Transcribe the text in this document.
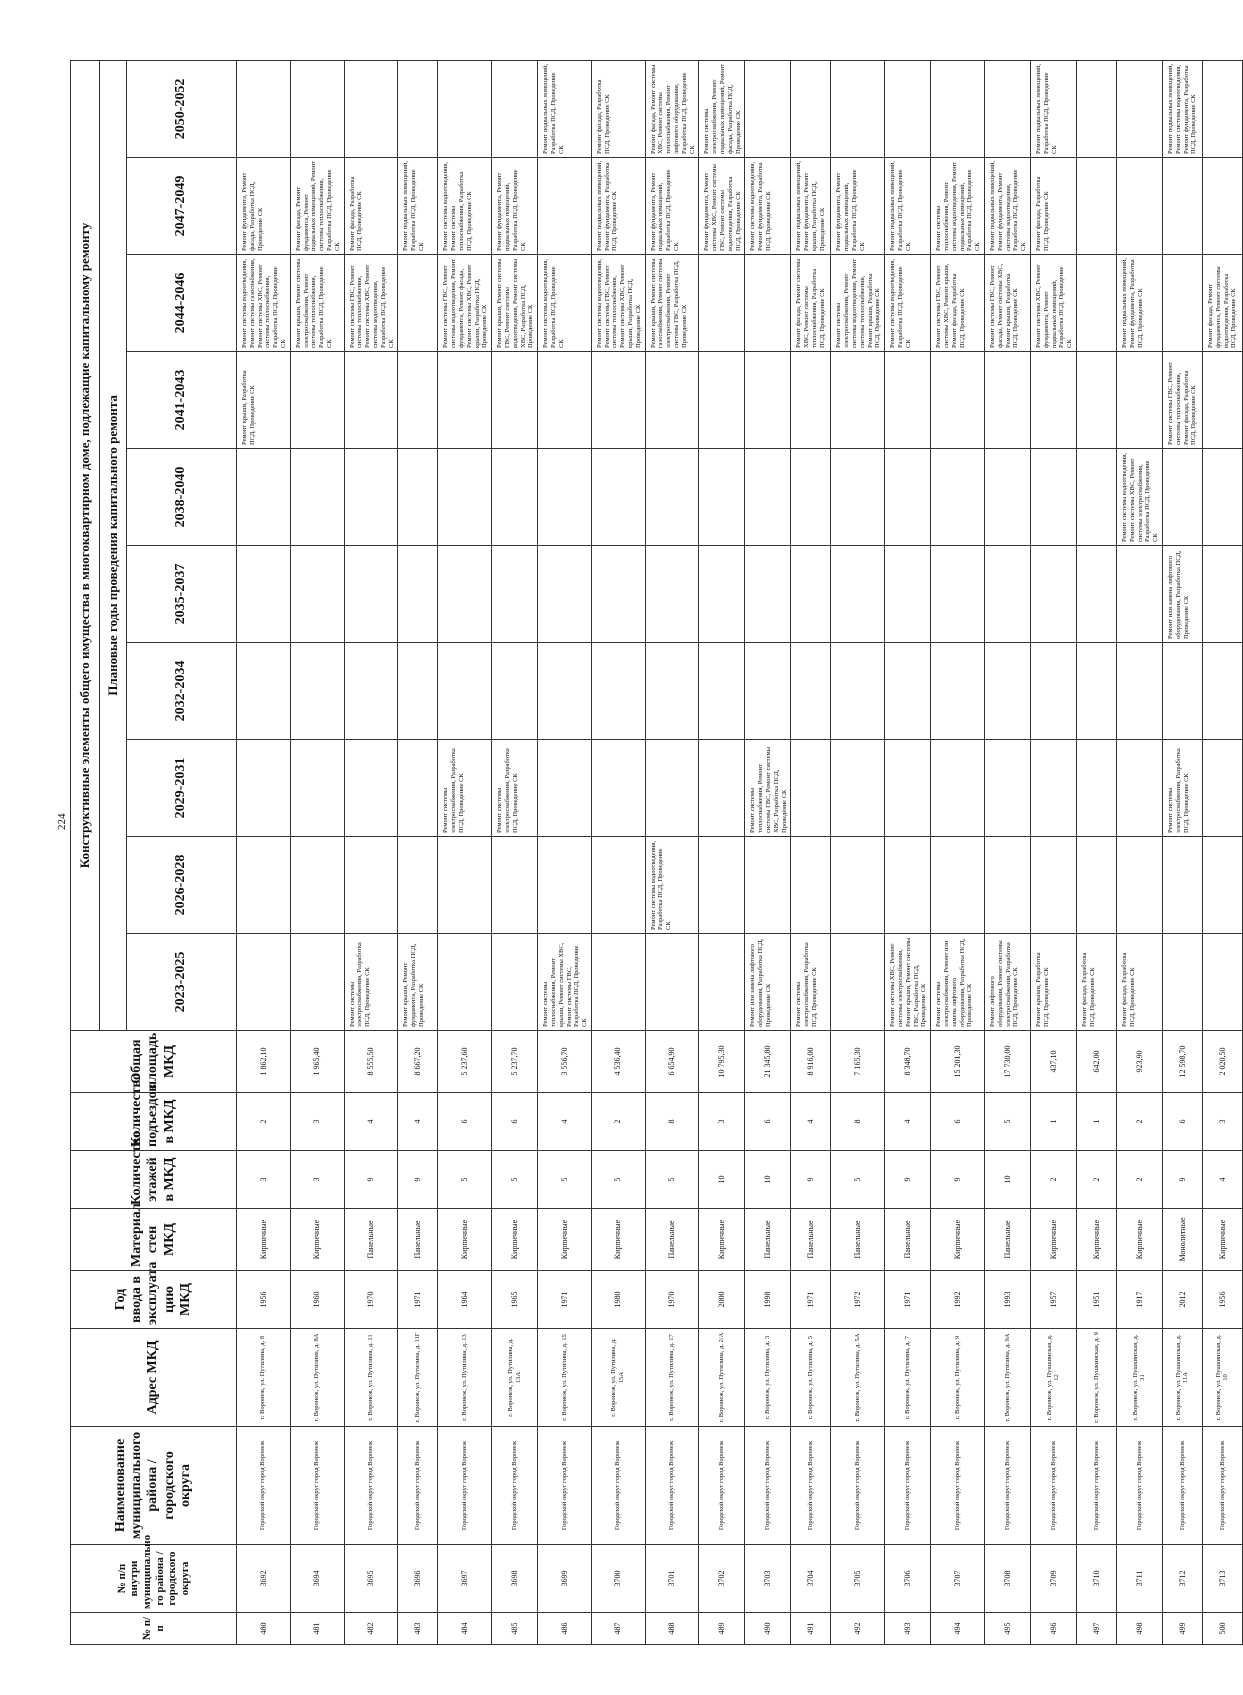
224
№ п/п	№ п/п внутри муниципально го района / городского округа	Наименование муниципального района /городского округа	Адрес МКД	Год ввода в эксплуата цию МКД	Материал стен МКД	Количество этажей в МКД	Количество подъездов в МКД	Общая площадь МКД	Конструктивные элементы общего имущества в многоквартирном доме, подлежащие капитальному ремонту									
									Плановые годы проведения капитального ремонта									
									2023-2025	2026-2028	2029-2031	2032-2034	2035-2037	2038-2040	2041-2043	2044-2046	2047-2049	2050-2052
480	3692	Городской округ город Воронеж	г. Воронеж, ул. Путилина, д. 8	1956	Кирпичные	3	2	1 862,10							Ремонт крыши, Разработка ПСД, Проведение СК	Ремонт системы водоотведения, Ремонт системы газоснабжения, Ремонт системы ХВС, Ремонт системы теплоснабжения, Разработка ПСД, Проведение СК	Ремонт фундамента, Ремонт фасада, Разработка ПСД, Проведение СК	
481	3694	Городской округ город Воронеж	г. Воронеж, ул. Путилина, д. 8А	1960	Кирпичные	3	3	1 965,40								Ремонт крыши, Ремонт системы электроснабжения, Ремонт системы теплоснабжения, Разработка ПСД, Проведение СК	Ремонт фасада, Ремонт фундамента, Ремонт подвальных помещений, Ремонт системы теплоснабжения, Разработка ПСД, Проведение СК	
482	3695	Городской округ город Воронеж	г. Воронеж, ул. Путилина, д. 11	1970	Панельные	9	4	8 555,50	Ремонт системы электроснабжения, Разработка ПСД, Проведение СК							Ремонт системы ГВС, Ремонт системы теплоснабжения, Ремонт системы ХВС, Ремонт системы водоотведения, Разработка ПСД, Проведение СК	Ремонт фасада, Разработка ПСД, Проведение СК	
483	3696	Городской округ город Воронеж	г. Воронеж, ул. Путилина, д. 11Г	1971	Панельные	9	4	8 667,20	Ремонт крыши, Ремонт фундамента, Разработка ПСД, Проведение СК								Ремонт подвальных помещений, Разработка ПСД, Проведение СК	
484	3697	Городской округ город Воронеж	г. Воронеж, ул. Путилина, д. 13	1964	Кирпичные	5	6	5 237,60			Ремонт системы электроснабжения, Разработка ПСД, Проведение СК					Ремонт системы ГВС, Ремонт системы водоотведения, Ремонт фундамента, Ремонт фасада, Ремонт системы ХВС, Ремонт крыши, Разработка ПСД, Проведение СК	Ремонт системы водоотведения, Ремонт системы теплоснабжения, Разработка ПСД, Проведение СК	
485	3698	Городской округ город Воронеж	г. Воронеж, ул. Путилина, д. 13А	1965	Кирпичные	5	6	5 237,70			Ремонт системы электроснабжения, Разработка ПСД, Проведение СК					Ремонт крыши, Ремонт системы ГВС, Ремонт системы водоотведения, Ремонт системы ХВС, Разработка ПСД, Проведение СК	Ремонт фундамента, Ремонт подвальных помещений, Разработка ПСД, Проведение СК	
486	3699	Городской округ город Воронеж	г. Воронеж, ул. Путилина, д. 15	1971	Кирпичные	5	4	3 556,70	Ремонт системы теплоснабжения, Ремонт крыши, Ремонт системы ХВС, Ремонт системы ГВС, Разработка ПСД, Проведение СК							Ремонт системы водоотведения, Разработка ПСД, Проведение СК		Ремонт подвальных помещений, Разработка ПСД, Проведение СК
487	3700	Городской округ город Воронеж	г. Воронеж, ул. Путилина, д. 15А	1980	Кирпичные	5	2	4 536,40								Ремонт системы водоотведения, Ремонт системы ГВС, Ремонт системы теплоснабжения, Ремонт системы ХВС, Ремонт крыши, Разработка ПСД, Проведение СК	Ремонт подвальных помещений, Ремонт фундамента, Разработка ПСД, Проведение СК	Ремонт фасада, Разработка ПСД, Проведение СК
488	3701	Городской округ город Воронеж	г. Воронеж, ул. Путилина, д. 17	1970	Панельные	5	8	6 654,90		Ремонт системы водоотведения, Разработка ПСД, Проведение СК						Ремонт крыши, Ремонт системы газоснабжения, Ремонт системы электроснабжения, Ремонт системы ГВС, Разработка ПСД, Проведение СК	Ремонт фундамента, Ремонт подвальных помещений, Разработка ПСД, Проведение СК	Ремонт фасада, Ремонт системы ХВС, Ремонт системы теплоснабжения, Ремонт лифтового оборудования, Разработка ПСД, Проведение СК
489	3702	Городской округ город Воронеж	г. Воронеж, ул. Путилина, д. 2/А	2000	Кирпичные	10	3	10 795,30									Ремонт фундамента, Ремонт системы ХВС, Ремонт системы ГВС, Ремонт системы водоотведения, Разработка ПСД, Проведение СК	Ремонт системы электроснабжения, Ремонт подвальных помещений, Ремонт фасада, Разработка ПСД, Проведение СК
490	3703	Городской округ город Воронеж	г. Воронеж, ул. Путилина, д. 3	1998	Панельные	10	6	21 345,80	Ремонт или замена лифтового оборудования, Разработка ПСД, Проведение СК		Ремонт системы теплоснабжения, Ремонт системы ГВС, Ремонт системы ХВС, Разработка ПСД, Проведение СК						Ремонт системы водоотведения, Ремонт фундамента, Разработка ПСД, Проведение СК	
491	3704	Городской округ город Воронеж	г. Воронеж, ул. Путилина, д. 5	1971	Панельные	9	4	8 916,00	Ремонт системы электроснабжения, Разработка ПСД, Проведение СК							Ремонт фасада, Ремонт системы ХВС, Ремонт системы теплоснабжения, Разработка ПСД, Проведение СК	Ремонт подвальных помещений, Ремонт фундамента, Ремонт крыши, Разработка ПСД, Проведение СК	
492	3705	Городской округ город Воронеж	г. Воронеж, ул. Путилина, д. 5А	1972	Панельные	5	8	7 165,30								Ремонт системы электроснабжения, Ремонт системы водоотведения, Ремонт системы теплоснабжения, Ремонт крыши, Разработка ПСД, Проведение СК	Ремонт фундамента, Ремонт подвальных помещений, Разработка ПСД, Проведение СК	
493	3706	Городской округ город Воронеж	г. Воронеж, ул. Путилина, д. 7	1971	Панельные	9	4	8 348,70	Ремонт системы ХВС, Ремонт системы электроснабжения, Ремонт крыши, Ремонт системы ГВС, Разработка ПСД, Проведение СК							Ремонт системы водоотведения, Разработка ПСД, Проведение СК	Ремонт подвальных помещений, Разработка ПСД, Проведение СК	
494	3707	Городской округ город Воронеж	г. Воронеж, ул. Путилина, д. 9	1992	Кирпичные	9	6	15 201,30	Ремонт системы электроснабжения, Ремонт или замена лифтового оборудования, Разработка ПСД, Проведение СК							Ремонт системы ГВС, Ремонт системы ХВС, Ремонт крыши, Ремонт фасада, Разработка ПСД, Проведение СК	Ремонт системы теплоснабжения, Ремонт системы водоотведения, Ремонт подвальных помещений, Разработка ПСД, Проведение СК	
495	3708	Городской округ город Воронеж	г. Воронеж, ул. Путилина, д. 9А	1993	Панельные	10	5	17 730,00	Ремонт лифтового оборудования, Ремонт системы электроснабжения, Разработка ПСД, Проведение СК							Ремонт системы ГВС, Ремонт фасада, Ремонт системы ХВС, Ремонт крыши, Разработка ПСД, Проведение СК	Ремонт подвальных помещений, Ремонт фундамента, Ремонт системы водоотведения, Разработка ПСД, Проведение СК	
496	3709	Городской округ город Воронеж	г. Воронеж, ул. Пушкинская, д. 12	1957	Кирпичные	2	1	437,10	Ремонт крыши, Разработка ПСД, Проведение СК							Ремонт системы ХВС, Ремонт фундамента, Ремонт подвальных помещений, Разработка ПСД, Проведение СК	Ремонт фасада, Разработка ПСД, Проведение СК	Ремонт подвальных помещений, Разработка ПСД, Проведение СК
497	3710	Городской округ город Воронеж	г. Воронеж, ул. Пушкинская, д. 9	1951	Кирпичные	2	1	642,00	Ремонт фасада, Разработка ПСД, Проведение СК									
498	3711	Городской округ город Воронеж	г. Воронеж, ул. Пушкинская, д. 31	1917	Кирпичные	2	2	923,90	Ремонт фасада, Разработка ПСД, Проведение СК					Ремонт системы водоотведения, Ремонт системы ХВС, Ремонт системы электроснабжения, Разработка ПСД, Проведение СК		Ремонт подвальных помещений, Ремонт фундамента, Разработка ПСД, Проведение СК		
499	3712	Городской округ город Воронеж	г. Воронеж, ул. Пушкинская, д. 11А	2012	Монолитные	9	6	12 598,70			Ремонт системы электроснабжения, Разработка ПСД, Проведение СК		Ремонт или замена лифтового оборудования, Разработка ПСД, Проведение СК		Ремонт системы ГВС, Ремонт системы теплоснабжения, Ремонт фасада, Разработка ПСД, Проведение СК			Ремонт подвальных помещений, Ремонт системы водоотведения, Ремонт фундамента, Разработка ПСД, Проведение СК
500	3713	Городской округ город Воронеж	г. Воронеж, ул. Пушкинская, д. 10	1956	Кирпичные	4	3	2 020,50								Ремонт фасада, Ремонт фундамента, Ремонт системы водоотведения, Разработка ПСД, Проведение СК		
